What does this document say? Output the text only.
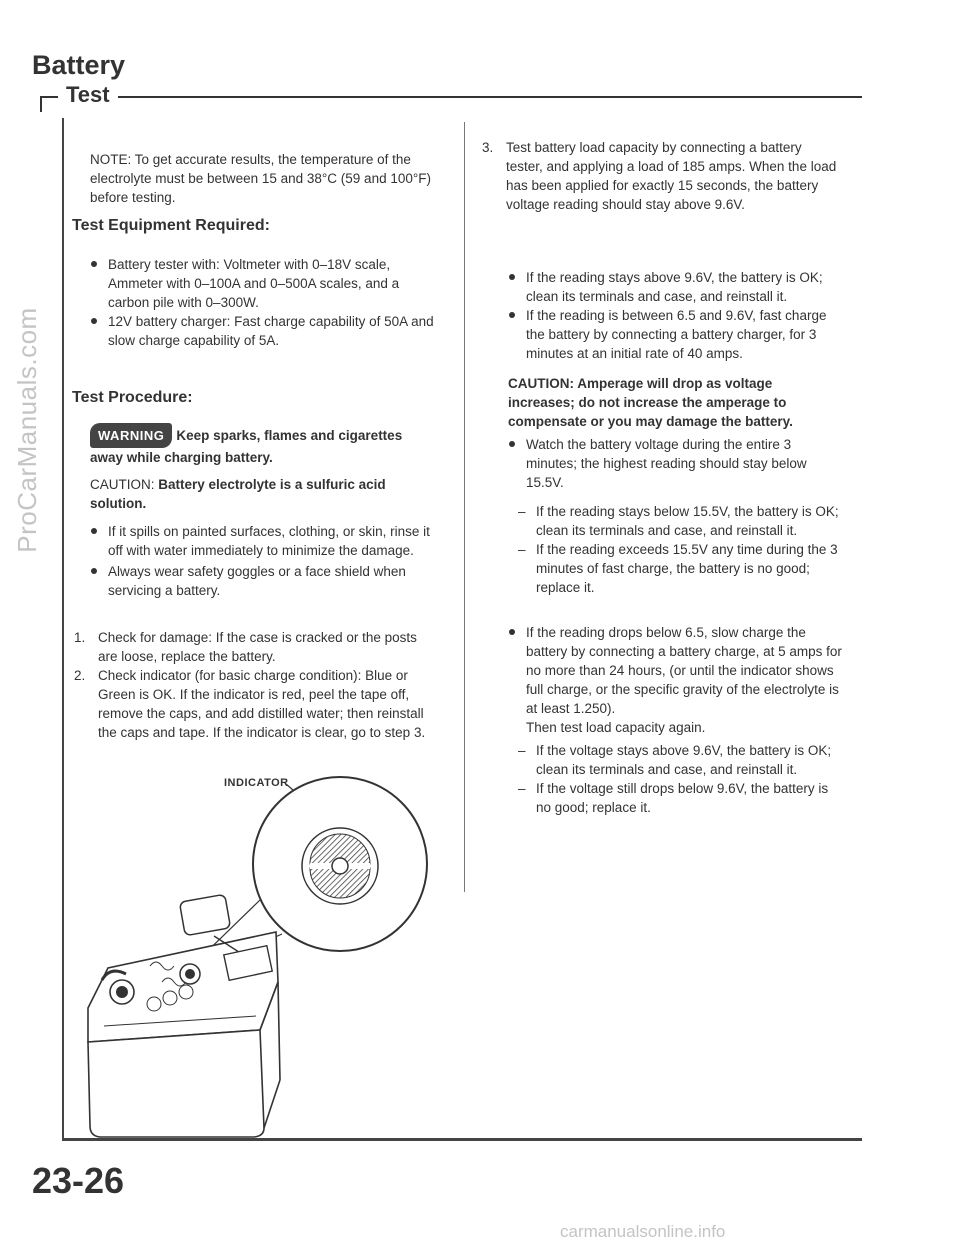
ProCarManuals.com
Battery
Test

NOTE: To get accurate results, the temperature of the electrolyte must be between 15 and 38°C (59 and 100°F) before testing.

Test Equipment Required:

Battery tester with: Voltmeter with 0–18V scale, Ammeter with 0–100A and 0–500A scales, and a carbon pile with 0–300W.

12V battery charger: Fast charge capability of 50A and slow charge capability of 5A.

Test Procedure:

WARNING Keep sparks, flames and cigarettes away while charging battery.

CAUTION: Battery electrolyte is a sulfuric acid solution.

If it spills on painted surfaces, clothing, or skin, rinse it off with water immediately to minimize the damage.

Always wear safety goggles or a face shield when servicing a battery.

1. Check for damage: If the case is cracked or the posts are loose, replace the battery.

2. Check indicator (for basic charge condition): Blue or Green is OK. If the indicator is red, peel the tape off, remove the caps, and add distilled water; then reinstall the caps and tape. If the indicator is clear, go to step 3.

INDICATOR

3. Test battery load capacity by connecting a battery tester, and applying a load of 185 amps. When the load has been applied for exactly 15 seconds, the battery voltage reading should stay above 9.6V.

If the reading stays above 9.6V, the battery is OK; clean its terminals and case, and reinstall it.

If the reading is between 6.5 and 9.6V, fast charge the battery by connecting a battery charger, for 3 minutes at an initial rate of 40 amps.

CAUTION: Amperage will drop as voltage increases; do not increase the amperage to compensate or you may damage the battery.

Watch the battery voltage during the entire 3 minutes; the highest reading should stay below 15.5V.

– If the reading stays below 15.5V, the battery is OK; clean its terminals and case, and reinstall it.

– If the reading exceeds 15.5V any time during the 3 minutes of fast charge, the battery is no good; replace it.

If the reading drops below 6.5, slow charge the battery by connecting a battery charge, at 5 amps for no more than 24 hours, (or until the indicator shows full charge, or the specific gravity of the electrolyte is at least 1.250).

Then test load capacity again.

– If the voltage stays above 9.6V, the battery is OK; clean its terminals and case, and reinstall it.

– If the voltage still drops below 9.6V, the battery is no good; replace it.

23-26
carmanualsonline.info
